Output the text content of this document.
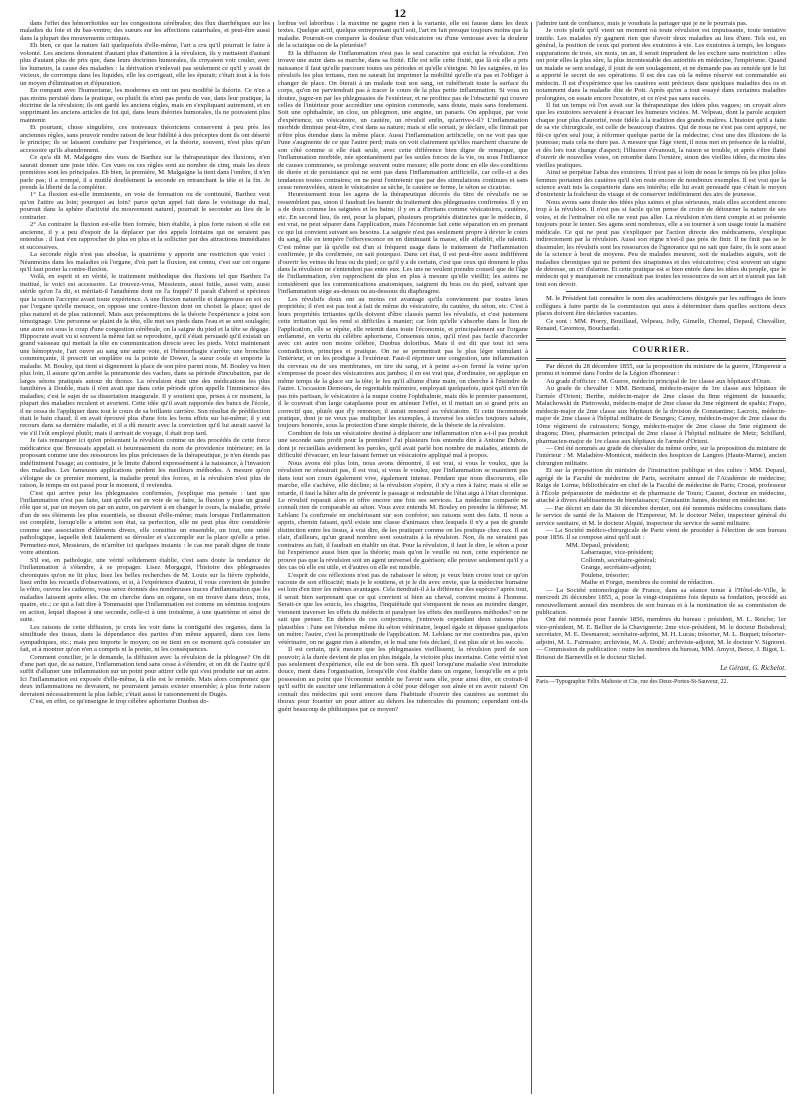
12

dans l'effet des hémorrhoïdes sur les congestions cérébrales; des flux diarrhéiques sur les maladies du foie et du bas-ventre; des sueurs sur les affections catarrhales, et peut-être aussi dans la plupart des mouvements critiques.

Eh bien, ce que la nature fait quelquefois d'elle-même, l'art a cru qu'il pourrait le faire à volonté. Les anciens donnaient d'autant plus d'attention à la révulsion, ils y mettaient d'autant plus d'autant plus de prix que, dans leurs doctrines humorales, ils croyaient voir couler, avec les humeurs, la cause des maladies : la dérivation n'enlevait pas seulement ce qu'il y avait de vicieux, de corrompu dans les liquides, elle les corrigeait, elle les épurait; c'était tout à la fois un moyen d'élimination et d'épuration.

En rompant avec l'humorisme, les modernes en ont un peu modifié la théorie. Ce n'en a pas moins persisté dans la pratique, ou plutôt ils n'ont pas perdu de vue, dans leur pratique, la doctrine de la révulsion; ils ont gardé les anciens règles, mais en s'expliquant autrement, et en supprimant les anciens articles de foi qui, dans leurs théories humorales, ils ne pouvaient plus maintenir.

Et pourtant, chose singulière, ces nouveaux théoriciens conservent à peu près les anciennes règles, sans pouvoir rendre raison de leur fidélité à des préceptes dont ils ont déserté le principe; ils se laissent conduire par l'expérience, et la théorie, souvent, n'est plus qu'un accessoire qu'ils abandonnent.

Ce qu'a dit M. Malgaigne des vues de Barthez sur la thérapeutique des fluxions, n'en saurait donner une juste idée. Ces vues ou ces règles sont au nombre de cinq, mais les deux premières sont les principales. Eh bien, la première, M. Malgaigne la tient dans l'ombre, il n'en parle pas; il a trompé, il a mutilé doublement la seconde en retranchant la tête et la fin. Je prends la liberté de la compléter.

1° La fluxion est-elle imminente, en voie de formation ou de continuité, Barthez veut qu'on l'attire au loin; pourquoi au loin? parce qu'un appel fait dans le voisinage du mal, pourrait dans la sphère d'activité du mouvement naturel, pourrait le seconder au lieu de le contrarier.

2° Au contraire la fluxion est-elle bien formée, bien établie, à plus forte raison si elle est ancienne, il y a peu d'espoir de la déplacer par des appels lointains qui ne seraient pas entendus : il faut s'en rapprocher de plus en plus et la solliciter par des attractions immédiates et successives.

La seconde règle n'est pas absolue, la quatrième y apporte une restriction que voici : Néanmoins dans les maladies où l'organe, d'où part la fluxion, est connu, c'est sur cet organe qu'il faut porter la contre-fluxion.

Voilà, en esprit et en vérité, le traitement méthodique des fluxions tel que Barthez l'a institué, le voici est accessoire. Le trouvez-vous, Messieurs, aussi futile, aussi vain, aussi stérile qu'on l'a dit, et méritait-il l'anathème dont on l'a frappé? Il paraît d'abord si spécieux que la raison l'accepte avant toute expérience. A une fluxion naturelle et dangereuse en soi ou par l'organe qu'elle menace, on oppose une contre-fluxion dont on choisit la place; quoi de plus naturel et de plus rationnel. Mais aux présomptions de la théorie l'expérience a joint son témoignage. Une personne se plaint de la tête, elle met ses pieds dans l'eau et se sent soulagée; une autre est sous le coup d'une congestion cérébrale, on la saigne du pied et la tête se dégage. Hippocrate avait vu si souvent la même fait se reproduire, qu'il s'était persuadé qu'il existait un grand vaisseau qui mettait la tête en communication directe avec les pieds. Voici maintenant une hémoptysie, l'art ouvre au sang une autre voie, et l'hémorrhagie s'arrête; une bronchite commençante, il prescrit un emplâtre ou la pointe de Dower, la sueur coule et emporte la maladie. M. Bouley, qui tient si dignement la place de son père parmi nous, M. Bouley va bien plus loin, il assure qu'on arrête la pneumonie des vaches, dans sa période d'incubation, par de larges sétons pratiqués autour du thorax. La révulsion était une des médications les plus familières à Double, mais il n'en avait que dans cette période qu'on appelle l'imminence des maladies; c'est le sujet de sa dissertation inaugurale. Il y soutient que, prises à ce moment, la plupart des maladies reculent et avortent. Cette idée qu'il avait rapportée des bancs de l'école, il ne cessa de l'appliquer dans tout le cours de sa brillante carrière. Son résultat de prédilection était le bain chaud; il en avait éprouvé plus d'une fois les bons effets sur lui-même; il y eut recours dans sa dernière maladie, et il a dû mourir avec la conviction qu'il lui aurait sauvé la vie s'il l'eût employé plutôt; mais il arrivait de voyage, il était trop tard.

Je fais remarquer ici qu'en présentant la révulsion comme un des procédés de cette force médicatrice que Broussais appelait si heureusement du nom de providence intérieure; en la proposant comme une des ressources les plus précieuses de la thérapeutique, je n'en étends pas indéfiniment l'usage; au contraire, je le limite d'abord expressément à la naissance, à l'invasion des maladies. Les fameuses applications perdent les meilleurs méthodes. A mesure qu'on s'éloigne de ce premier moment, la maladie prend des forces, et la révulsion n'est plus de raison, le temps en est passé pour le moment, il reviendra.

C'est qui arrive pour les phlegmasies confirmées, j'explique ma pensée : tant que l'inflammation n'est pas faite, tant qu'elle est en voie de se faire, la fluxion y joue un grand rôle que si, par un moyen ou par un autre, on parvient à en changer le cours, la maladie, privée d'un de ses éléments les plus essentiels, se dissout d'elle-même; mais lorsque l'inflammation est complète, lorsqu'elle a atteint son état, sa perfection, elle ne peut plus être considérée comme une association d'éléments divers, elle constitue un ensemble, un tout, une unité pathologique, laquelle doit fatalement se dérouler et s'accomplir sur la place qu'elle a prise. Permettez-moi, Messieurs, de m'arrêter ici quelques instants : le cas me paraît digne de toute votre attention.

S'il est, en pathologie, une vérité solidement établie, c'est sans doute la tendance de l'inflammation à s'étendre, à se propager. Lisez Morgagni, l'histoire des phlegmasies chroniques qu'on ne lit plus; lisez les belles recherches de M. Louis sur la fièvre typhoïde, lisez enfin les recueils d'observations, et si, à l'expérience d'autrui, il vous convient de joindre la vôtre, ouvrez les cadavres, vous serez étonnés des nombreuses traces d'inflammation que les maladies laissent après elles. On en cherche dans un organe, on en trouve dans deux, trois, quatre, etc.; ce qui a fait dire à Tommasini que l'inflammation est comme un séminus toujours en action, lequel dispose à une seconde, celle-ci à une troisième, à une quatrième et ainsi de suite.

Les raisons de cette diffusion, je crois les voir dans la contiguïté des organes, dans la similitude des tissus, dans la dépendance des parties d'un même appareil, dans ces liens sympathiques, etc.; mais peu importe le moyen; on ne tient en ce moment qu'à constater un fait, et à montrer qu'on n'en a compris ni la portée, ni les conséquences.

Comment concilier, je le demande, la diffusion avec la révulsion de la phlogose? On dit d'une part que, de sa nature, l'inflammation tend sans cesse à s'étendre, et on dit de l'autre qu'il suffit d'allumer une inflammation sur un point pour attirer celle qui s'est produite sur un autre. Ici l'inflammation est exposée d'elle-même, là elle est le remède. Mais alors comprenez que deux inflammations ne devraient, ne pourraient jamais exister ensemble; à plus forte raison devraient nécessairement la plus faible; c'était aussi le raisonnement de Dugès.

C'est, en effet, ce qu'enseigne le trop célèbre aphorisme Duobus do-

loribus vel laboribus : la maxime ne gagne rien à la variante, elle est fausse dans les deux textes. Quelque actif, quelque entreprenant qu'il soit, l'art en fait presque toujours moins que la maladie. Pourrait-on comparer la douleur d'un vésicatoire ou d'une ventouse avec la douleur de la sciatique ou de la pleurésie?

Et la diffusion de l'inflammation n'est pas le seul caractère qui exclut la révulsion. J'en trouve une autre dans sa marche, dans sa fixité. Elle est telle cette fixité, que là où elle a pris naissance il faut qu'elle parcoure toutes ses périodes et qu'elle s'éteigne. Ni les saignées, ni les révulsifs les plus irritans, rien ne saurait lui imprimer la mobilité qu'elle n'a pas et l'obliger à changer de place. On ôterait à un malade tout son sang, on rubéfierait toute la surface du corps, qu'on ne parviendrait pas à tracer le cours de la plus petite inflammation. Si vous en doutez, jugez-en par les phlegmasies de l'extérieur, et ne profitez pas de l'obscurité qui couvre celles de l'intérieur pour accréditer une opinion commode, sans doute, mais sans fondement. Soit une ophthalmie, un clou, un phlegmon, une angine, un panaris. On applique, par voie d'expérience, un vésicatoire, un cautère, un révulsif enfin, qu'arrive-t-il? L'inflammation morbide diminue peut-être, c'est dans sa nature; mais si elle sortait, je déclare, elle finirait par n'être plus étendue dans la même place. Aussi l'inflammation artificielle, on ne voit pas que l'une s'augmente de ce que l'autre perd; mais on voit clairement qu'elles marchent chacune de son côté comme si elle était seule, avec cette différence bien digne de remarque, que l'inflammation morbide, née spontanément par les seules forces de la vie, ou sous l'influence de causes communes, se prolonge souvent outre mesure; elle porte donc en elle des conditions de durée et de persistance qui ne sont pas dans l'inflammation artificielle, car celle-ci a des tendances toutes contraires; on ne peut l'entretenir que par des stimulations continues et sans cesse renouvelées, sinon le vésicatoire se sèche, le cautère se ferme, le séton se cicatrise.

Heureusement tous les agens de la thérapeutique décorés du titre de révulsifs ne se ressemblent pas, sinon il faudrait les bannir du traitement des phlegmasies confirmées. Il y en a de doux comme les saignées et les bains; il y en a d'irritans comme vésicatoires, cautères, etc. En second lieu, ils ont, pour la plupart, plusieurs propriétés distinctes que le médecin, il est vrai, ne peut séparer dans l'application, mais l'économie fait cette séparation en en prenant ce qui lui convient suivant ses besoins. La saignée n'est pas seulement propre à dévier le cours du sang, elle en tempère l'effervescence en en diminuant la masse, elle affaiblit, elle ralentit. C'est même par là qu'elle est d'un si fréquent usage dans le traitement de l'inflammation confirmée, je dis confirmée, on sait pourquoi. Dans cet état, il est peut-être assez indifférent d'ouvrir les veines du bras ou du pied; ce qu'il y a de certain, c'est que ceux qui donnent le plus dans la révulsion ne s'entendent pas entre eux. Les uns ne veulent prendre conseil que de l'âge de l'inflammation, s'en rapprochent de plus en plus à mesure qu'elle vieillit; les autres ne considèrent que les communications anatomiques, saignent du bras ou du pied, suivant que l'inflammation siège au-dessus ou au-dessous du diaphragme.

Les révulsifs doux ont au moins cet avantage qu'ils conviennent par toutes leurs propriétés; il n'en est pas tout à fait de même du vésicatoire, du cautère, du séton, etc. C'est à leurs propriétés irritantes qu'ils doivent d'être classés parmi les révulsifs, et c'est justement cette irritation qui les rend si difficiles à manier; car loin qu'elle s'absorbe dans le lieu de l'application, elle se répète, elle retentit dans toute l'économie, et principalement sur l'organe enflammé, en vertu du célèbre aphorisme, Consensus unus, qu'il n'est pas facile d'accorder avec cet autre non moins célèbre, Duobus doloribus. Mais il est dit que tout ici sera contradiction, principes et pratique. On ne se permettrait pas le plus léger stimulant à l'intérieur, et on les prodigue à l'extérieur. Faut-il réprimer une congestion, une inflammation du cerveau ou de ses membranes, on tire du sang, et à peine a-t-on fermé la veine qu'on s'empresse de poser des vésicatoires aux jambes; il en est vrai que, d'ordinaire, on applique en même temps de la glace sur la tête; le feu qu'il allume d'une main, on cherche à l'éteindre de l'autre. L'occasion Demours, de regrettable mémoire, employait quelquefois, quoi qu'il n'en fût pas très partisan, le vésicatoire à la nuque contre l'ophthalmie, mais dès le premier pansement, il le couvrait d'un large cataplasme pour en atténuer l'effet, et il mettait un si grand prix au correctif que, plutôt que d'y renoncer, il aurait renoncé au vésicatoire. Et cette incommode pratique, dont je ne veux pas multiplier les exemples, à traversé les siècles toujours saluée, toujours honorée, sous la protection d'une simple théorie, de la théorie de la révulsion.

Combien de fois un vésicatoire destiné à déplacer une inflammation n'en a-t-il pas produit une seconde sans profit pour la première! J'ai plusieurs fois entendu dire à Antoine Dubois, dont je recueillais avidement les paroles, qu'il avait parlé bon nombre de malades, atteints de difficulté d'évacuer, en leur faisant fermer un vésicatoire appliqué mal à propos.

Nous avons été plus loin, nous avons démontré, il est vrai, si vous le voulez, que la révulsion ne réussirait pas, il est vrai, si vous le voulez, que l'inflammation se maintient pas dans tout son cours également vive, également intense. Pendant que nous discourons, elle marche, elle s'achève, elle décline; si la révulsion s'opère, il n'y a rien à faire; mais si elle se retarde, il faut la hâter afin de prévenir le passage si redoutable de l'état aigu à l'état chronique. Le révulsif reparait alors et offre encore une fois ses services. La médecine comparée ne connaît rien de comparable au séton. Vous avez entendu M. Bouley en prendre la défense; M. Leblanc l'a confirmée en enchérissant sur son confrère; ses raisons sont des faits. Il nous a appris, chemin faisant, qu'il existe une classe d'animaux chez lesquels il n'y a pas de grande distinction entre les tissus, à vrai dire, de les pratiquer comme on les pratique chez eux. Il est clair, d'ailleurs, qu'un grand nombre sont soustraits à la révulsion. Non, ils ne seraient pas contraires au fait, il faudrait en établir un état. Pour la révulsion, il faut le dire, le séton a pour lui l'expérience aussi bien que la théorie; mais qu'on le veuille ou non, cette expérience ne prouve pas que la révulsion soit un agent universel de guérison; elle prouve seulement qu'il y a des cas où elle est utile, et d'autres où elle est nuisible.

L'esprit de ces réflexions n'est pas de rabaisser le séton; je veux bien croire tout ce qu'on raconte de son efficacité; mais je le soutiens, et je le dis avec envie, que la médecine humaine est loin d'en tirer les mêmes avantages. Cela tiendrait-il à la différence des espèces? après tout, il serait bien surprenant que ce qui convient si bien au cheval, convint moins à l'homme. Serait-ce que les soucis, les chagrins, l'inquiétude qui s'emparent de nous au moindre danger, viennent traverser les effets du médecin et paralyser les effets des meilleures méthodes? on ne sait que penser. En dehors de ces conjectures, j'entrevois cependant deux raisons plus plausibles : l'une est l'étendue même du séton vétérinaire, lequel égale et dépasse quelquefois un mètre; l'autre, c'est la promptitude de l'application. M. Leblanc ne me contredira pas, qu'en vétérinaire, on ne gagne rien à attendre, et le mal une fois déclaré, il est plus sûr et les succès.

Il est certain, qu'à mesure que les phlegmasies vieillissent, la révulsion perd de son pouvoir; à la durée devient de plus en plus inégale, la victoire plus incertaine. Cette vérité n'est pas seulement d'expérience, elle est de bon sens. Eh quoi! lorsqu'une maladie s'est introduite douce, ment dans l'organisation, lorsqu'elle s'est établie dans un organe, lorsqu'elle en a pris possession au point que l'économie semble ne l'avoir sans elle, pour ainsi dire, en croirait-il qu'il suffit de susciter une inflammation à côté pour déloger son aînée et en avoir raison! On connaît des médecins qui sont encore dans l'habitude d'ouvrir des cautères au sommet du thorax pour fouetter un pour attirer au dehors les tubercules du poumon; cependant ont-ils guéri beaucoup de phthisiques par ce moyen?

j'admire tant de confiance, mais je voudrais la partager que je ne le pourrais pas.

Je crois plutôt qu'il vient un moment où toute révulsion est impuissante, toute tentative inutile. Les malades n'y gagnent rien que d'avoir deux maladies au lieu d'une. Tels est, en général, la position de ceux qui portent des exutoires à vie. Les exutoires à temps, les longues suppurations de trois, six mois, un an, il serait imprudent de les exclure sans restriction : elles ont pour elles la plus sûre, la plus incontestable des autorités en médecine, l'empirisme. Quand un malade se sent soulagé, il jouit de son soulagement, et ne demande pas au remède qui le lui a apporté le secret de ses opérations. Il est des cas où la même réserve est commandée au médecin. Il est d'expérience que les cautères sont précieux dans quelques maladies des os et notamment dans la maladie dite de Pott. Après qu'on a tout essayé dans certaines maladies prolongées, on essaie encore l'exutoire, et ce n'est pas sans succès.

Il fut un temps où l'on avait sur la thérapeutique des idées plus vagues; on croyait alors que les exutoires servaient à évacuer les humeurs viciées. M. Velpeau, dont la parole acquiert chaque jour plus d'autorité, reste fidèle à la tradition des grands maîtres. L'histoire qu'il a faite de sa vie chirurgicale, est celle de beaucoup d'autres. Qui de nous ne s'est pas cent appuyé, ne fût-ce qu'en seul jour, à réformer quelque partie de la médecine; c'est une des illusions de la jeunesse; mais cela ne dure pas. A mesure que l'âge vient, il nous met en présence de la réalité, et dès lors tout change d'aspect; l'illusion s'évanouit, la raison se trouble, et après s'être flatté d'ouvrir de nouvelles voies, on retombe dans l'ornière, sinon des vieilles idées, du moins des vieilles pratiques.

Ainsi se perpétue l'abus des exutoires. Il n'est pas si loin de nous le temps où les plus jolies femmes portaient des cautères qu'il n'en reste encore de nombreux exemples. Il est vrai que la science avait mis la coquetterie dans ses intérêts; elle lui avait persuadé que c'était le moyen d'entretenir la fraîcheur du visage et de conserver indéfiniment des airs de jeunesse.

Nous avons sans doute des idées plus saines et plus sérieuses, mais elles accordent encore trop à la révulsion. Il n'est pas si facile qu'on pense de croire de détourner la nature de ses voies, et de l'entraîner où elle ne veut pas aller. La révulsion n'en tient compte et se présente toujours pour le tenter. Ses agens sont nombreux, elle a su tourner à son usage toute la matière médicale. Ce qui ne peut pas s'expliquer par l'action directe des médicamens, s'explique indirectement par la révulsion. Aussi son règne n'est-il pas près de finir. Il ne finit pas se le dissimuler, les révulsifs sont les ressources de l'ignorance qui ne sait que faire, ils le sont aussi de la science à bout de moyens. Peu de malades meurent, soit de maladies aiguës, soit de maladies chroniques qui ne portent des sinapismes et des vésicatoires; c'est souvent un signe de détresse, un cri d'alarme. Et cette pratique est si bien entrée dans les idées du peuple, que le médecin qui y manquerait ne connaîtrait pas toutes les ressources de son art et n'aurait pas fait tout son devoir.

M. le Président fait connaître le nom des académiciens désignés par les suffrages de leurs collègues à faire partie de la commission qui aura à déterminer dans quelles sections deux places doivent être déclarées vacantes.

Ce sont : MM. Piorry, Bouillaud, Velpeau, Jolly, Gimelle, Chomel, Depaul, Chevallier, Renaud, Caventou, Bouchardat.

COURRIER.

Par décret du 28 décembre 1855, sur la proposition du ministre de la guerre, l'Empereur a promu et nommé dans l'ordre de la Légion d'honneur :

Au grade d'officier : M. Guerre, médecin principal de 1re classe aux hôpitaux d'Oran.

Au grade de chevalier : MM. Bertrand, médecin-major de 1re classe aux hôpitaux de l'armée d'Orient; Berthe, médecin-major de 2me classe du 8me régiment de hussards; Malachowski de Pietrowski, médecin-major de 2me classe du 3me régiment de spahis; Frapo, médecin-major de 2me classe aux hôpitaux de la division de Constantine; Lacroix, médecin-major de 2me classe à l'hôpital militaire de Bourges; Canoy, médecin-major de 2me classe du 10me régiment de cuirassiers; Songy, médecin-major de 2me classe du 5me régiment de dragons; Dieu, pharmacien principal de 2me classe à l'hôpital militaire de Metz; Schillard, pharmacien-major de 1re classe aux hôpitaux de l'armée d'Orient.

— Ont été nommés au grade de chevalier du même ordre, sur la proposition du ministre de l'intérieur : M. Maladière-Montécot, médecin des hospices de Langres (Haute-Marne), ancien chirurgien militaire.

Et sur la proposition du ministre de l'instruction publique et des cultes : MM. Depaul, agrégé de la Faculté de médecine de Paris, secrétaire annuel de l'Académie de médecine; Raige de Lorme, bibliothécaire en chef de la Faculté de médecine de Paris; Crozat, professeur à l'École préparatoire de médecine et de pharmacie de Tours; Caunet, docteur en médecine, attaché à divers établissemens de bienfaisance; Constantin James, docteur en médecine.

— Par décret en date du 30 décembre dernier, ont été nommés médecins consultans dans le service de santé de la Maison de l'Empereur, M. le docteur Néler, inspecteur général du service sanitaire, et M. le docteur Alquié, inspecteur du service de santé militaire.

— La Société médico-chirurgicale de Paris vient de procéder à l'élection de son bureau pour 1856. Il se compose ainsi qu'il suit :

MM. Depaul, président;

Labarraque, vice-président;

Collomb, secrétaire-général;

Grange, secrétaire-adjoint;

Poulene, trésorier;

Maihe et Forget, membres du comité de rédaction.

— La Société entomologique de France, dans sa séance tenue à l'Hôtel-de-Ville, le mercredi 26 décembre 1855, a, pour la vingt-cinquième fois depuis sa fondation, procédé au renouvellement annuel des membres de son bureau et à la nomination de sa commission de publication.

Ont été nommés pour l'année 1856, membres du bureau : président, M. L. Reiche; 1er vice-président, M. E. Bellier de la Chavignerie; 2me vice-président, M. le docteur Boisduval; secrétaire, M. E. Desmarest; secrétaire-adjoint, M. H. Lucas; trésorier, M. L. Buquet; trésorier-adjoint, M. L. Fairmaire; archiviste, M. A. Doüé; archiviste-adjoint, M. le docteur V. Signoret. — Commission de publication : outre les membres du bureau, MM. Amyot, Berce, J. Bigot, L. Brisout de Barneville et le docteur Sichel.

Le Gérant, G. Richelot.
Paris.—Typographie Félix Malteste et Cie, rue des Deux-Portes-St-Sauveur, 22.
